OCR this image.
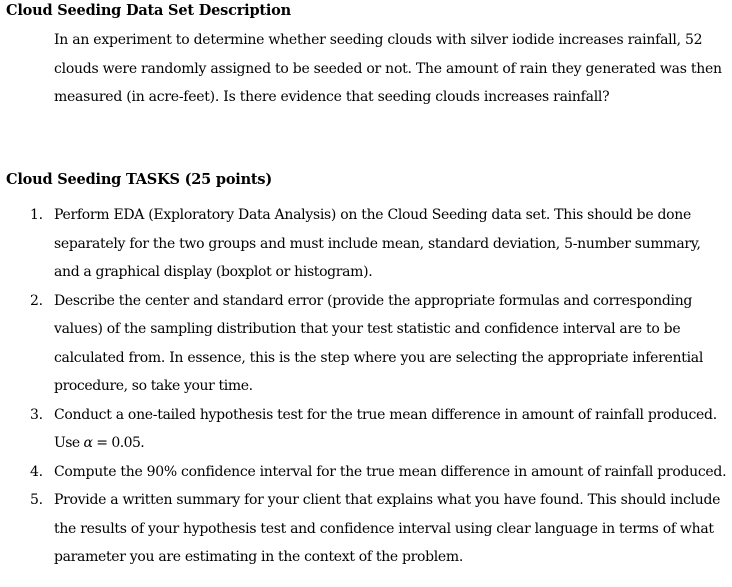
Cloud Seeding Data Set Description
In an experiment to determine whether seeding clouds with silver iodide increases rainfall, 52
clouds were randomly assigned to be seeded or not. The amount of rain they generated was then
measured (in acre-feet). Is there evidence that seeding clouds increases rainfall?
Cloud Seeding TASKS (25 points)
1. Perform EDA (Exploratory Data Analysis) on the Cloud Seeding data set. This should be done
separately for the two groups and must include mean, standard deviation, 5-number summary,
and a graphical display (boxplot or histogram).
2. Describe the center and standard error (provide the appropriate formulas and corresponding
values) of the sampling distribution that your test statistic and confidence interval are to be
calculated from. In essence, this is the step where you are selecting the appropriate inferential
procedure, so take your time.
3. Conduct a one-tailed hypothesis test for the true mean difference in amount of rainfall produced.
Use α = 0.05.
4. Compute the 90% confidence interval for the true mean difference in amount of rainfall produced.
5. Provide a written summary for your client that explains what you have found. This should include
the results of your hypothesis test and confidence interval using clear language in terms of what
parameter you are estimating in the context of the problem.
